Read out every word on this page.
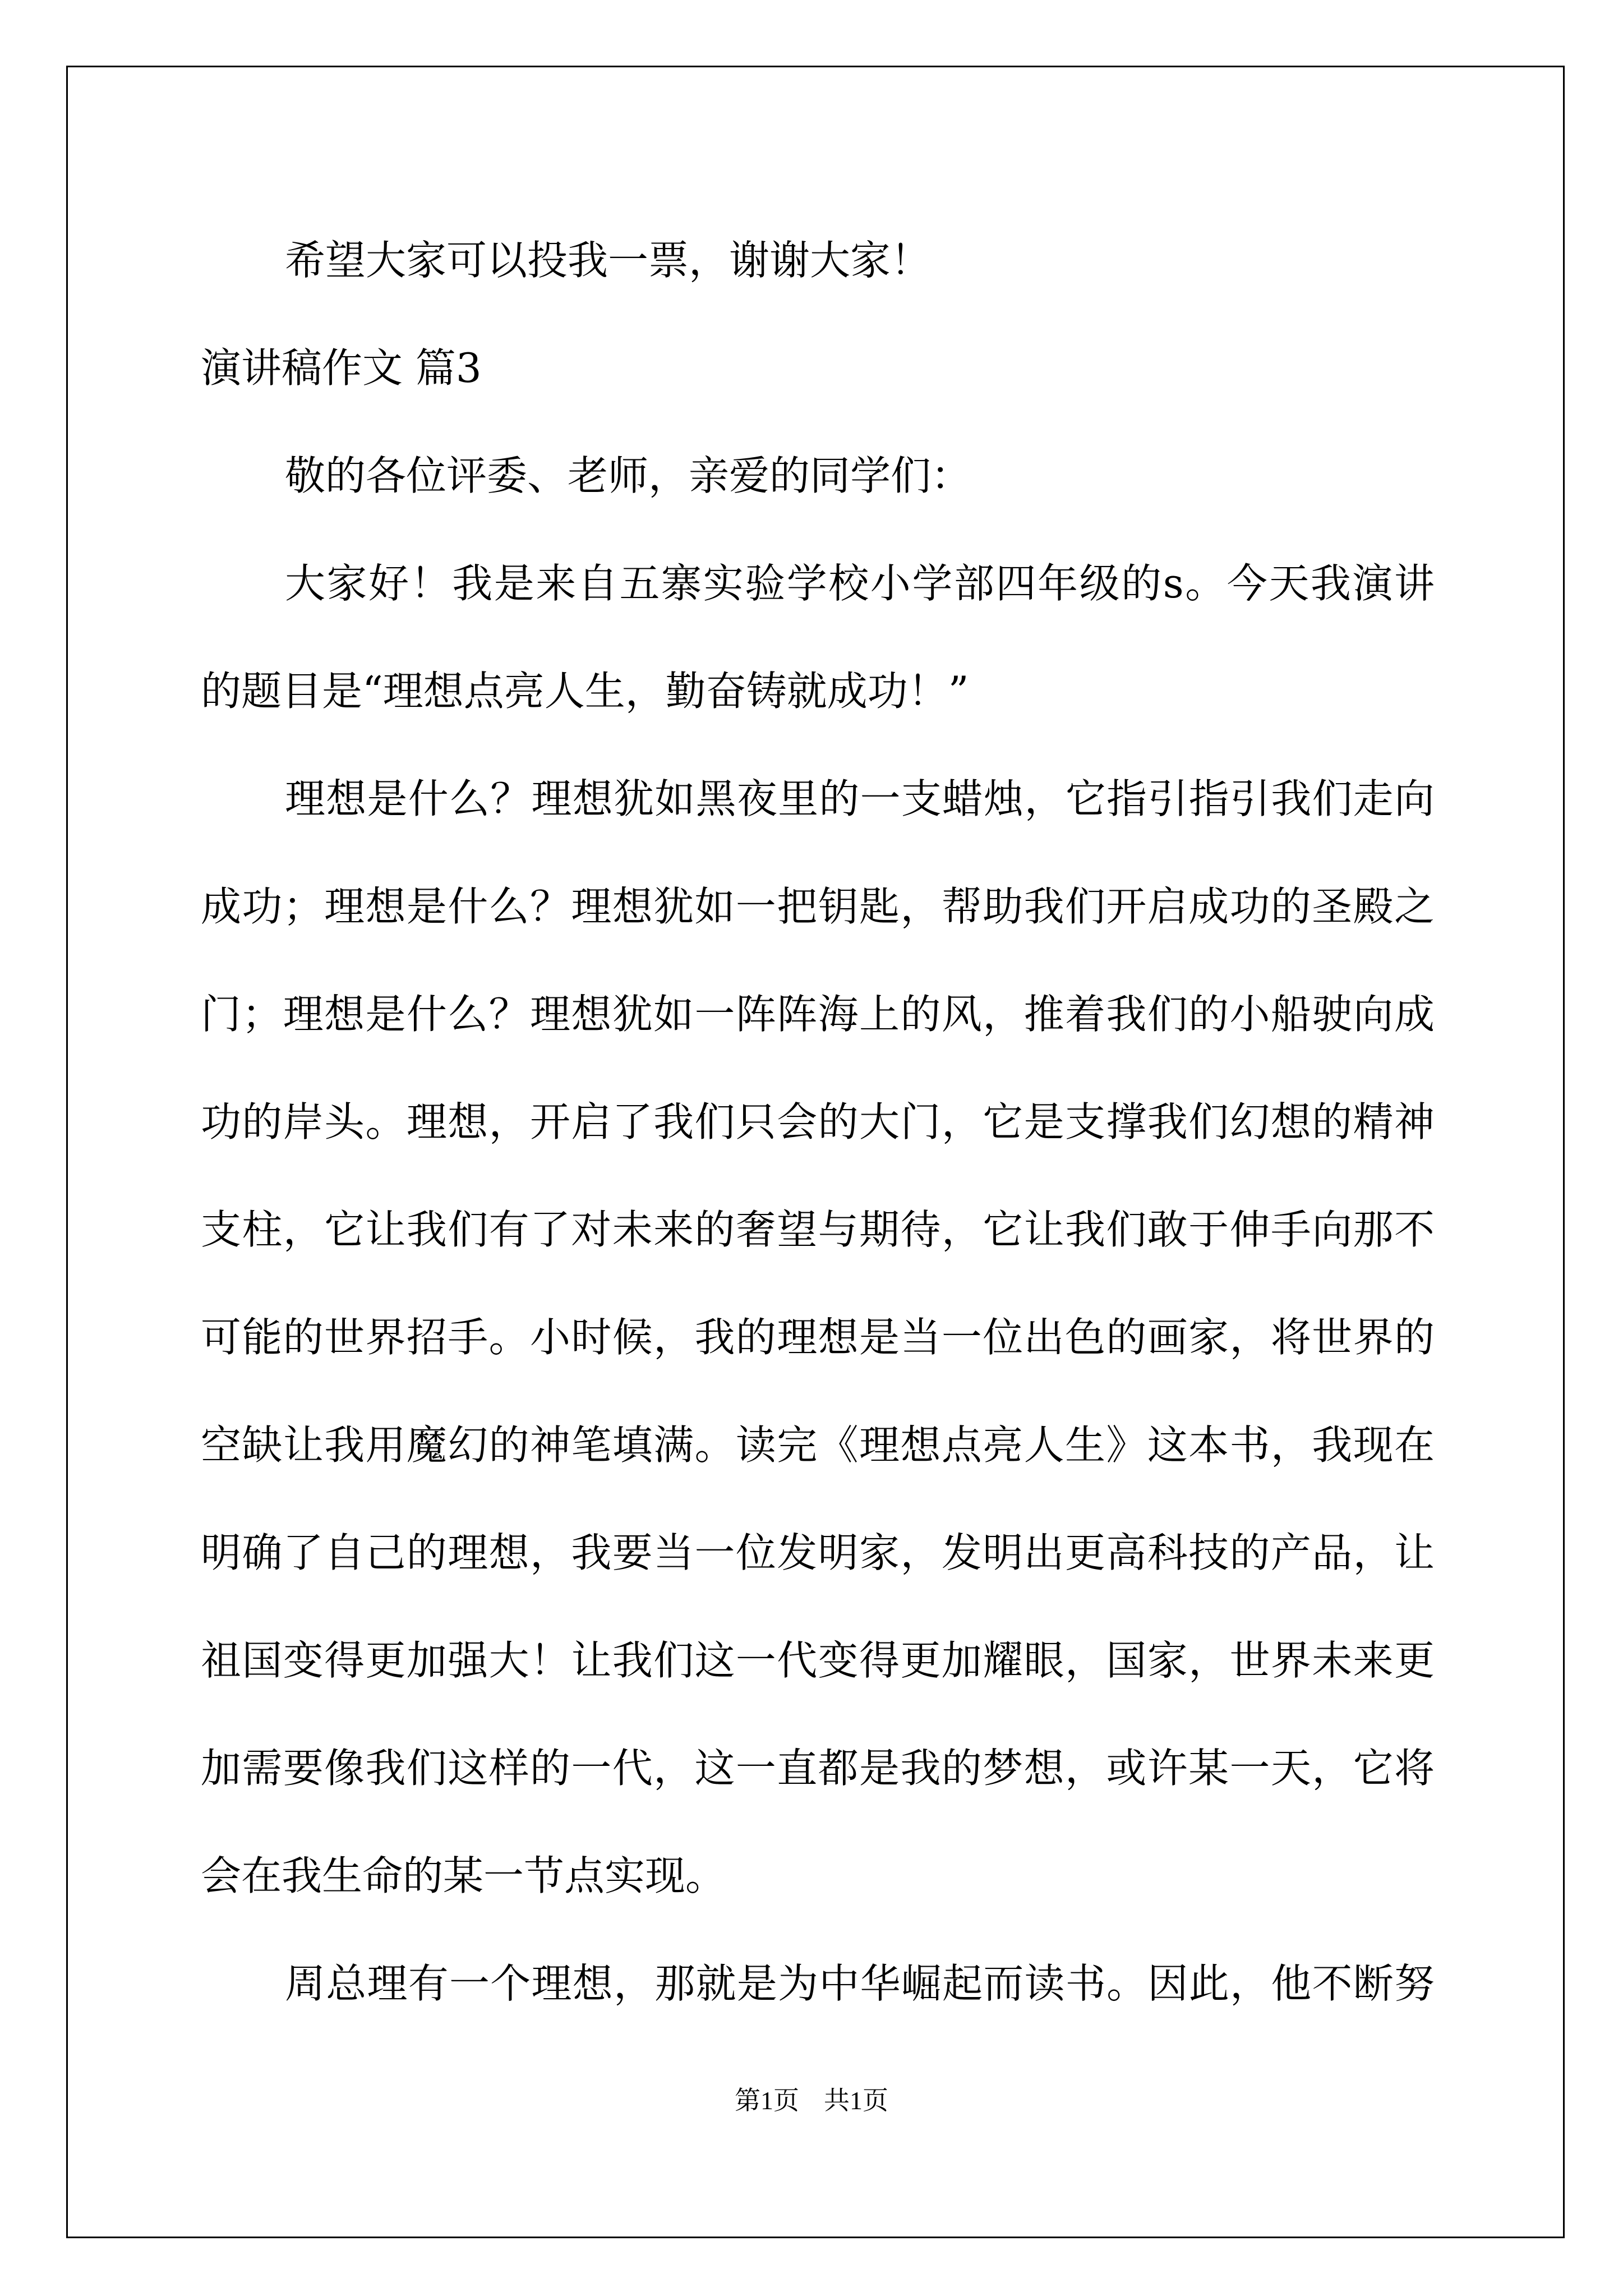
希望大家可以投我一票，谢谢大家！
演讲稿作文 篇3
敬的各位评委、老师，亲爱的同学们：
大家好！我是来自五寨实验学校小学部四年级的s。今天我演讲
的题目是“理想点亮人生，勤奋铸就成功！”
理想是什么？理想犹如黑夜里的一支蜡烛，它指引指引我们走向
成功；理想是什么？理想犹如一把钥匙，帮助我们开启成功的圣殿之
门；理想是什么？理想犹如一阵阵海上的风，推着我们的小船驶向成
功的岸头。理想，开启了我们只会的大门，它是支撑我们幻想的精神
支柱，它让我们有了对未来的奢望与期待，它让我们敢于伸手向那不
可能的世界招手。小时候，我的理想是当一位出色的画家，将世界的
空缺让我用魔幻的神笔填满。读完《理想点亮人生》这本书，我现在
明确了自己的理想，我要当一位发明家，发明出更高科技的产品，让
祖国变得更加强大！让我们这一代变得更加耀眼，国家，世界未来更
加需要像我们这样的一代，这一直都是我的梦想，或许某一天，它将
会在我生命的某一节点实现。
周总理有一个理想，那就是为中华崛起而读书。因此，他不断努
第1页 共1页
